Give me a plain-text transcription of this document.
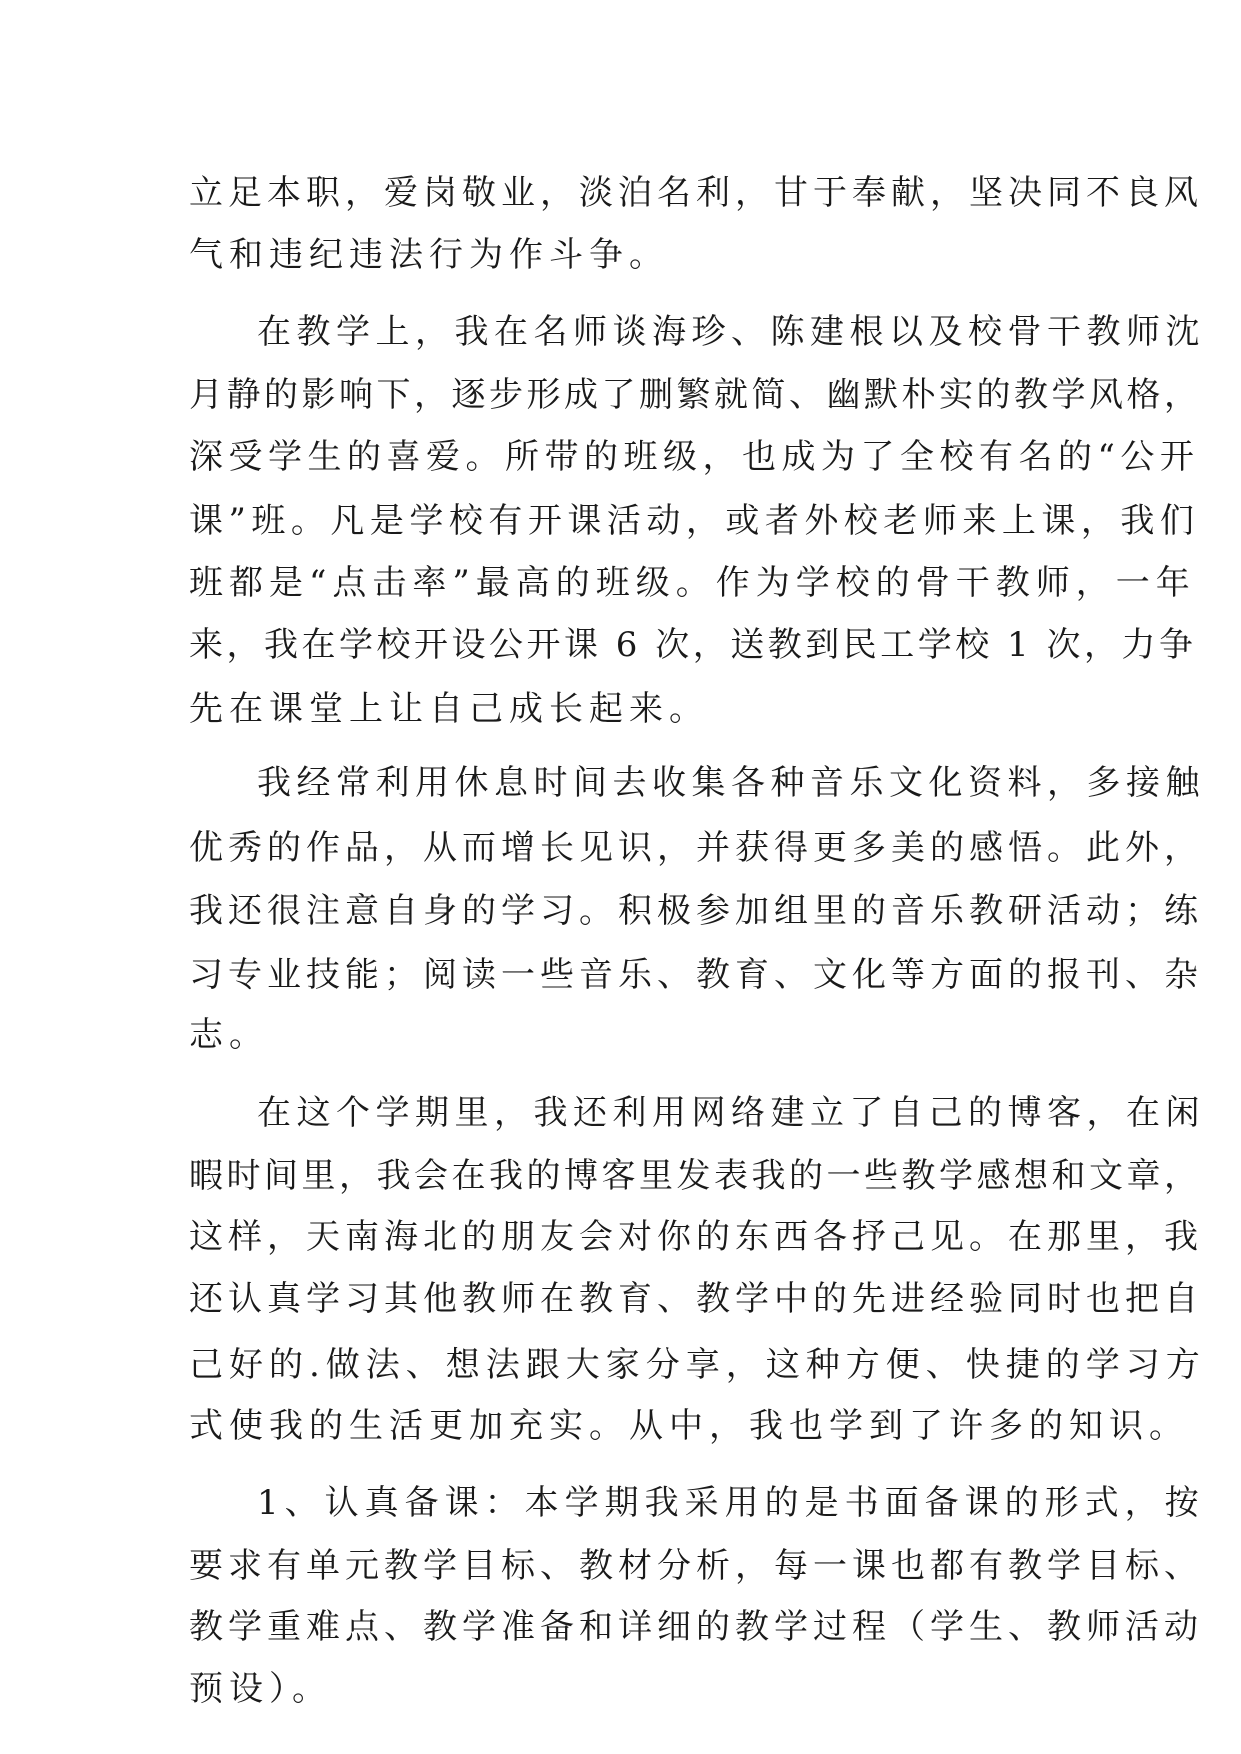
立足本职，爱岗敬业，淡泊名利，甘于奉献，坚决同不良风
气和违纪违法行为作斗争。
在教学上，我在名师谈海珍、陈建根以及校骨干教师沈
月静的影响下，逐步形成了删繁就简、幽默朴实的教学风格，
深受学生的喜爱。所带的班级，也成为了全校有名的“公开
课”班。凡是学校有开课活动，或者外校老师来上课，我们
班都是“点击率”最高的班级。作为学校的骨干教师，一年
来，我在学校开设公开课 6 次，送教到民工学校 1 次，力争
先在课堂上让自己成长起来。
我经常利用休息时间去收集各种音乐文化资料，多接触
优秀的作品，从而增长见识，并获得更多美的感悟。此外，
我还很注意自身的学习。积极参加组里的音乐教研活动；练
习专业技能；阅读一些音乐、教育、文化等方面的报刊、杂
志。
在这个学期里，我还利用网络建立了自己的博客，在闲
暇时间里，我会在我的博客里发表我的一些教学感想和文章，
这样，天南海北的朋友会对你的东西各抒己见。在那里，我
还认真学习其他教师在教育、教学中的先进经验同时也把自
己好的.做法、想法跟大家分享，这种方便、快捷的学习方
式使我的生活更加充实。从中，我也学到了许多的知识。
1、认真备课：本学期我采用的是书面备课的形式，按
要求有单元教学目标、教材分析，每一课也都有教学目标、
教学重难点、教学准备和详细的教学过程（学生、教师活动
预设）。
